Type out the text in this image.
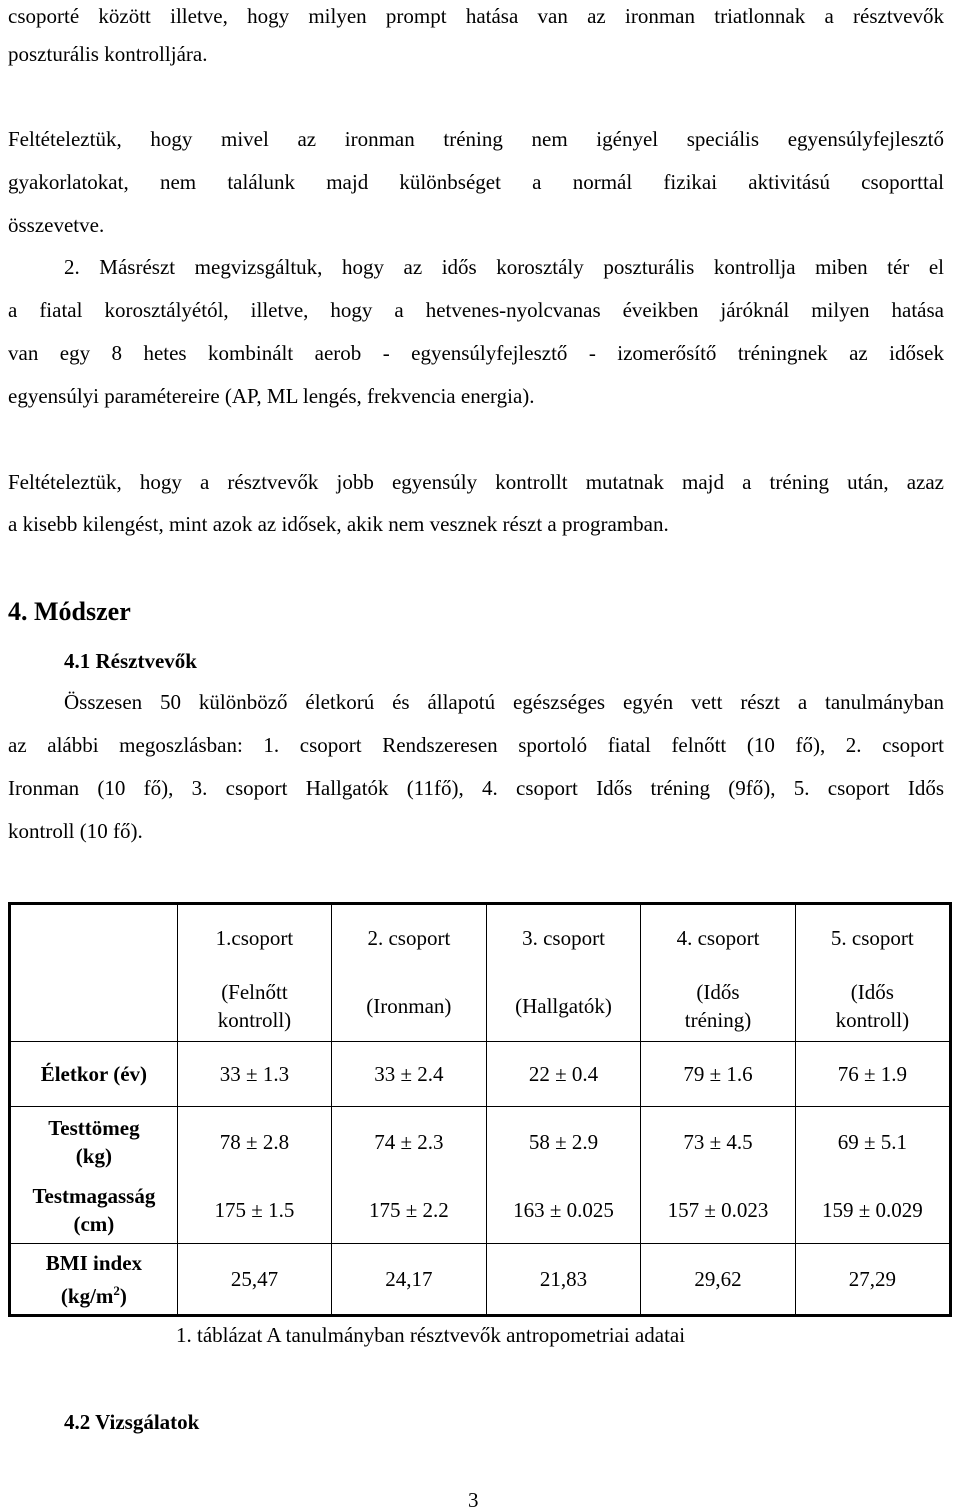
csoporté között illetve, hogy milyen prompt hatása van az ironman triatlonnak a résztvevők
poszturális kontrolljára.
Feltételeztük, hogy mivel az ironman tréning nem igényel speciális egyensúlyfejlesztő
gyakorlatokat, nem találunk majd különbséget a normál fizikai aktivitású csoporttal
összevetve.
2. Másrészt megvizsgáltuk, hogy az idős korosztály poszturális kontrollja miben tér el
a fiatal korosztályétól, illetve, hogy a hetvenes-nyolcvanas éveikben járóknál milyen hatása
van egy 8 hetes kombinált aerob - egyensúlyfejlesztő - izomerősítő tréningnek az idősek
egyensúlyi paramétereire (AP, ML lengés, frekvencia energia).
Feltételeztük, hogy a résztvevők jobb egyensúly kontrollt mutatnak majd a tréning után, azaz
a kisebb kilengést, mint azok az idősek, akik nem vesznek részt a programban.
4. Módszer
4.1 Résztvevők
Összesen 50 különböző életkorú és állapotú egészséges egyén vett részt a tanulmányban
az alábbi megoszlásban: 1. csoport Rendszeresen sportoló fiatal felnőtt (10 fő), 2. csoport
Ironman (10 fő), 3. csoport Hallgatók (11fő), 4. csoport Idős tréning (9fő), 5. csoport Idős
kontroll (10 fő).
	1.csoport	2. csoport	3. csoport	4. csoport	5. csoport

	(Felnőtt kontroll)	(Ironman)	(Hallgatók)	(Idős tréning)	(Idős kontroll)

Életkor (év)	33 ± 1.3	33 ± 2.4	22 ± 0.4	79 ± 1.6	76 ± 1.9

Testtömeg (kg)	78 ± 2.8	74 ± 2.3	58 ± 2.9	73 ± 4.5	69 ± 5.1

Testmagasság (cm)	175 ± 1.5	175 ± 2.2	163 ± 0.025	157 ± 0.023	159 ± 0.029

BMI index
$(kg/m^2)$	25,47	24,17	21,83	29,62	27,29
1. táblázat A tanulmányban résztvevők antropometriai adatai
4.2 Vizsgálatok
3
